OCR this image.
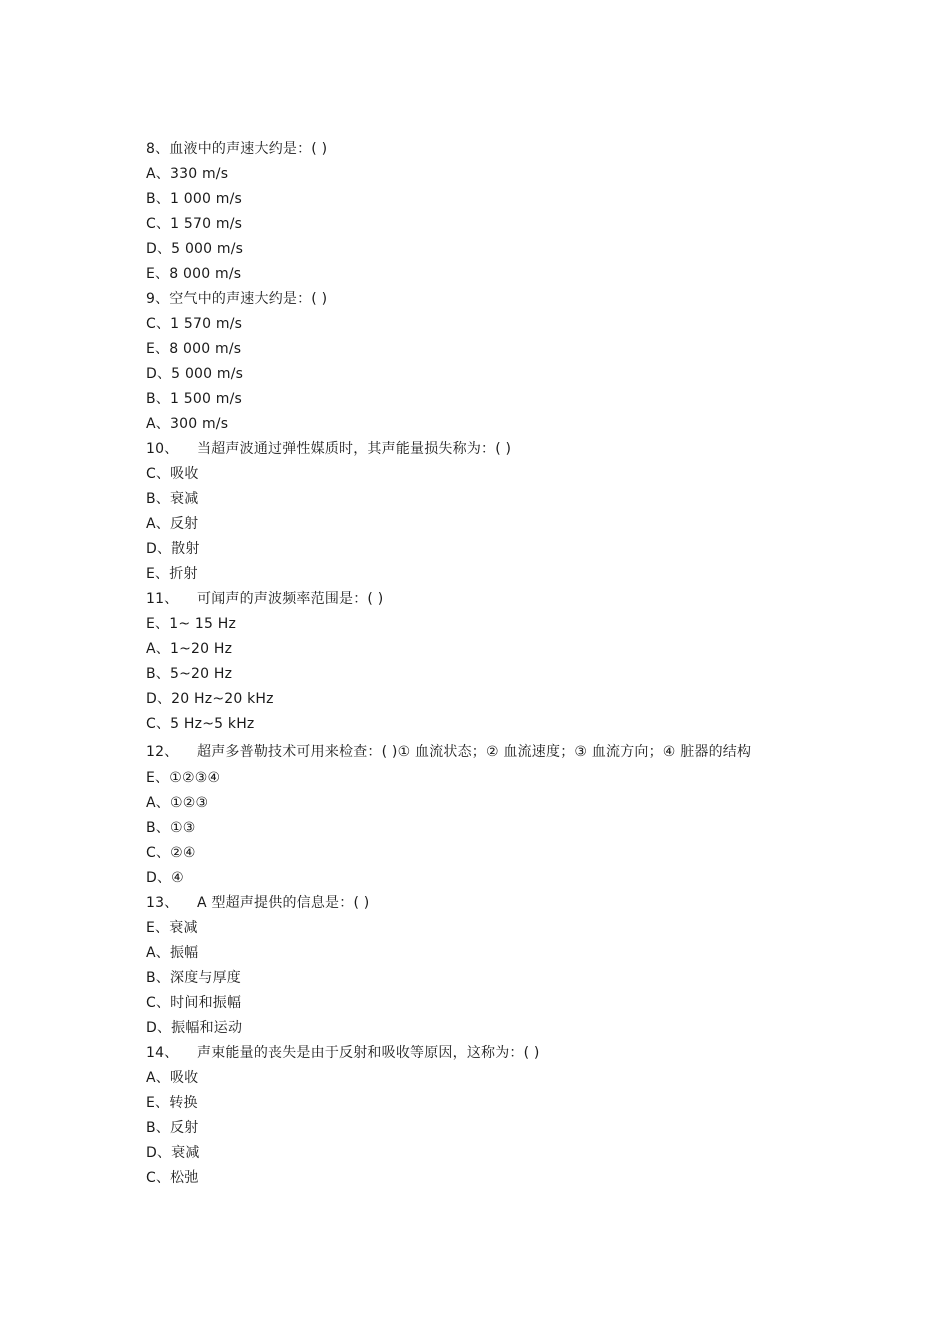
8、血液中的声速大约是：( )
A、330 m/s
B、1 000 m/s
C、1 570 m/s
D、5 000 m/s
E、8 000 m/s
9、空气中的声速大约是：( )
C、1 570 m/s
E、8 000 m/s
D、5 000 m/s
B、1 500 m/s
A、300 m/s
10、    当超声波通过弹性媒质时，其声能量损失称为：( )
C、吸收
B、衰减
A、反射
D、散射
E、折射
11、    可闻声的声波频率范围是：( )
E、1~ 15 Hz
A、1~20 Hz
B、5~20 Hz
D、20 Hz~20 kHz
C、5 Hz~5 kHz
12、    超声多普勒技术可用来检查：( )① 血流状态；② 血流速度；③ 血流方向；④ 脏器的结构
E、①②③④
A、①②③
B、①③
C、②④
D、④
13、    A 型超声提供的信息是：( )
E、衰减
A、振幅
B、深度与厚度
C、时间和振幅
D、振幅和运动
14、    声束能量的丧失是由于反射和吸收等原因，这称为：( )
A、吸收
E、转换
B、反射
D、衰减
C、松弛
